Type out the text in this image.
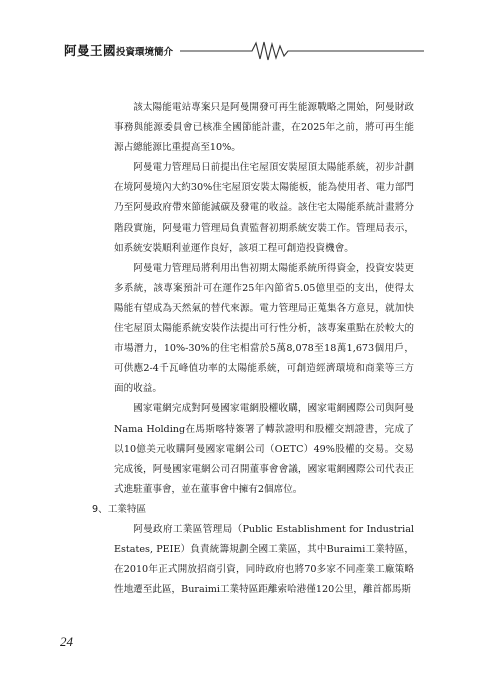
阿曼王國投資環境簡介

該太陽能電站專案只是阿曼開發可再生能源戰略之開始，阿曼財政事務與能源委員會已核准全國節能計畫，在2025年之前，將可再生能源占總能源比重提高至10%。

阿曼電力管理局日前提出住宅屋頂安裝屋頂太陽能系統，初步計劃在境阿曼境內大約30%住宅屋頂安裝太陽能板，能為使用者、電力部門乃至阿曼政府帶來節能減碳及發電的收益。該住宅太陽能系統計畫將分階段實施，阿曼電力管理局負責監督初期系統安裝工作。管理局表示，如系統安裝順利並運作良好，該項工程可創造投資機會。

阿曼電力管理局將利用出售初期太陽能系統所得資金，投資安裝更多系統，該專案預計可在運作25年內節省5.05億里亞的支出，使得太陽能有望成為天然氣的替代來源。電力管理局正蒐集各方意見，就加快住宅屋頂太陽能系統安裝作法提出可行性分析，該專案重點在於較大的市場潛力，10%-30%的住宅相當於5萬8,078至18萬1,673個用戶，可供應2-4千瓦峰值功率的太陽能系統，可創造經濟環境和商業等三方面的收益。

國家電網完成對阿曼國家電網股權收購，國家電網國際公司與阿曼Nama Holding在馬斯喀特簽署了轉款證明和股權交割證書，完成了以10億美元收購阿曼國家電網公司（OETC）49%股權的交易。交易完成後，阿曼國家電網公司召開董事會會議，國家電網國際公司代表正式進駐董事會，並在董事會中擁有2個席位。

9、工業特區

阿曼政府工業區管理局（Public Establishment for Industrial Estates, PEIE）負責統籌規劃全國工業區，其中Buraimi工業特區，在2010年正式開放招商引資，同時政府也將70多家不同產業工廠策略性地遷至此區，Buraimi工業特區距離索哈港僅120公里，離首都馬斯

24
